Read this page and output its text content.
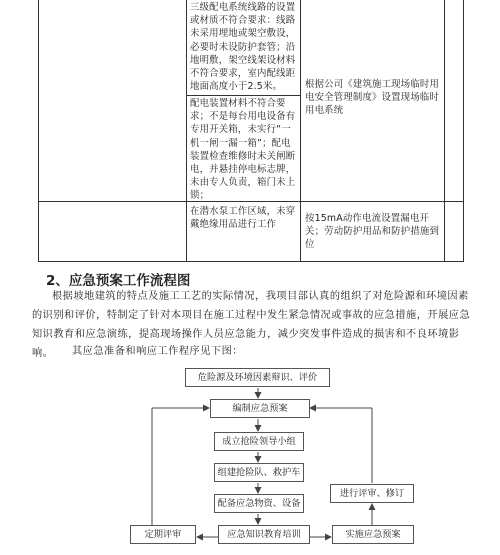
三级配电系统线路的设置或材质不符合要求：线路未采用埋地或架空敷设，必要时未设防护套管；沿地明敷，架空线架设材料不符合要求，室内配线距地面高度小于2.5米。
配电装置材料不符合要求；不是每台用电设备有专用开关箱，未实行“一机一闸一漏一箱”；配电装置检查维修时未关闸断电，并悬挂停电标志牌，未由专人负责，箱门未上锁；
在潜水泵工作区域，未穿戴绝缘用品进行工作
根据公司《建筑施工现场临时用电安全管理制度》设置现场临时用电系统
按15mA动作电流设置漏电开关；劳动防护用品和防护措施到位
2、应急预案工作流程图
根据坡地建筑的特点及施工工艺的实际情况，我项目部认真的组织了对危险源和环境因素的识别和评价，特制定了针对本项目在施工过程中发生紧急情况或事故的应急措施，开展应急知识教育和应急演练，提高现场操作人员应急能力，减少突发事件造成的损害和不良环境影响。	其应急准备和响应工作程序见下图：
危险源及环境因素辩识、评价
编制应急预案
成立抢险领导小组
组建抢险队、救护车
配备应急物资、设备
应急知识教育培训
定期评审
进行评审、修订
实施应急预案
